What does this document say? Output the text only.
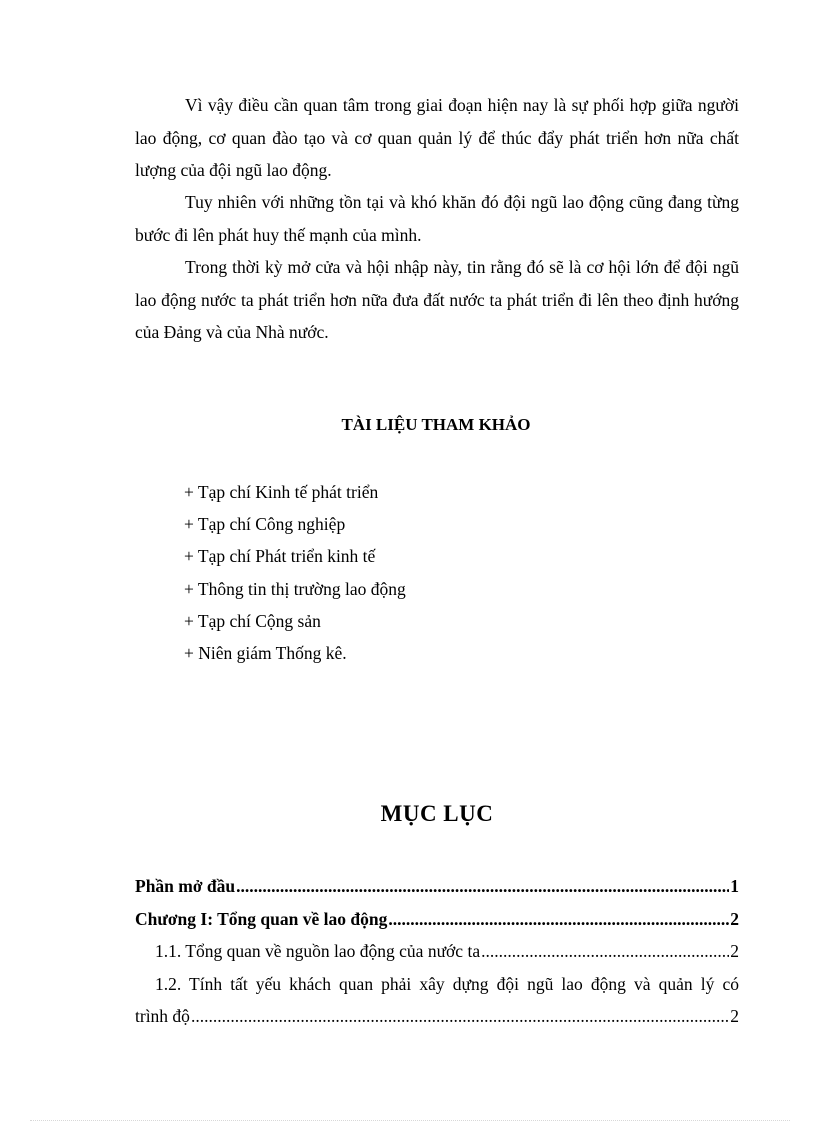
Vì vậy điều cần quan tâm trong giai đoạn hiện nay là sự phối hợp giữa người lao động, cơ quan đào tạo và cơ quan quản lý để thúc đẩy phát triển hơn nữa chất lượng của đội ngũ lao động.

Tuy nhiên với những tồn tại và khó khăn đó đội ngũ lao động cũng đang từng bước đi lên phát huy thế mạnh của mình.

Trong thời kỳ mở cửa và hội nhập này, tin rằng đó sẽ là cơ hội lớn để đội ngũ lao động nước ta phát triển hơn nữa đưa đất nước ta phát triển đi lên theo định hướng của Đảng và của Nhà nước.

TÀI LIỆU THAM KHẢO
+ Tạp chí Kinh tế phát triển
+ Tạp chí Công nghiệp
+ Tạp chí Phát triển kinh tế
+ Thông tin thị trường lao động
+ Tạp chí Cộng sản
+ Niên giám Thống kê.
MỤC LỤC
Phần mở đầu .....	1
Chương I: Tổng quan về lao động .....	2
1.1. Tổng quan về nguồn lao động của nước ta .....	2
1.2. Tính tất yếu khách quan phải xây dựng đội ngũ lao động và quản lý có
trình độ .....	2
